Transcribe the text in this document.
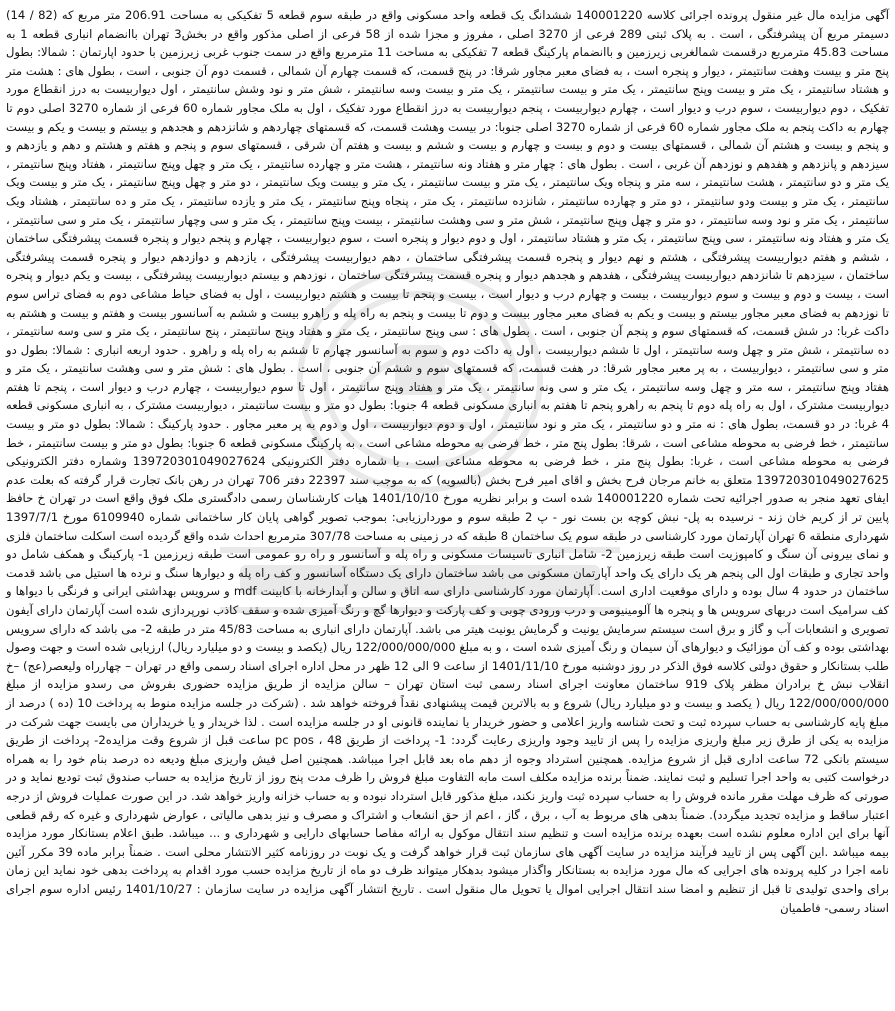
آگهی مزایده مال غیر منقول پرونده اجرائی کلاسه 140001220 ششدانگ یک قطعه واحد مسکونی واقع در طبقه سوم قطعه 5 تفکیکی به مساحت 206.91 متر مربع که (82 / 14) دسیمتر مربع آن پیشرفتگی ، است . به پلاک ثبتی 289 فرعی از 3270 اصلی ، مفروز و مجزا شده از 58 فرعی از اصلی مذکور واقع در بخش3 تهران باانضمام انباری قطعه 1 به مساحت 45.83 مترمربع درقسمت شمالغربی زیرزمین و باانضمام پارکینگ قطعه 7 تفکیکی به مساحت 11 مترمربع واقع در سمت جنوب غربی زیرزمین با حدود اپارتمان : شمالا: بطول پنج متر و بیست وهفت سانتیمتر ، دیوار و پنجره است ، به فضای معبر مجاور شرقا: در پنج قسمت، که قسمت چهارم آن شمالی ، قسمت دوم آن جنوبی ، است ، بطول های : هشت متر و هشتاد سانتیمتر ، یک متر و بیست وپنج سانتیمتر ، یک متر و بیست سانتیمتر ، یک متر و بیست وسه سانتیمتر ، شش متر و نود وشش سانتیمتر ، اول دیواربیست به درز انقطاع مورد تفکیک ، دوم دیواربیست ، سوم درب و دیوار است ، چهارم دیواربیست ، پنجم دیواربیست به درز انقطاع مورد تفکیک ، اول به ملک مجاور شماره 60 فرعی از شماره 3270 اصلی دوم تا چهارم به داکت پنجم به ملک مجاور شماره 60 فرعی از شماره 3270 اصلی جنوبا: در بیست وهشت قسمت، که قسمتهای چهاردهم و شانزدهم و هجدهم و بیستم و بیست و یکم و بیست و پنجم و بیست و هشتم آن شمالی ، قسمتهای بیست و دوم و بیست و چهارم و بیست و ششم و بیست و هفتم آن شرقی ، قسمتهای سوم و پنجم و هفتم و هشتم و دهم و یازدهم و سیزدهم و پانزدهم و هفدهم و نوزدهم آن غربی ، است . بطول های : چهار متر و هفتاد ونه سانتیمتر ، هشت متر و چهارده سانتیمتر ، یک متر و چهل وپنج سانتیمتر ، هفتاد وپنج سانتیمتر ، یک متر و دو سانتیمتر ، هشت سانتیمتر ، سه متر و پنجاه ویک سانتیمتر ، یک متر و بیست سانتیمتر ، یک متر و بیست ویک سانتیمتر ، دو متر و چهل وپنج سانتیمتر ، یک متر و بیست ویک سانتیمتر ، یک متر و بیست ودو سانتیمتر ، دو متر و چهارده سانتیمتر ، شانزده سانتیمتر ، یک متر ، پنجاه وپنج سانتیمتر ، یک متر و یازده سانتیمتر ، یک متر و ده سانتیمتر ، هشتاد ویک سانتیمتر ، یک متر و نود وسه سانتیمتر ، دو متر و چهل وپنج سانتیمتر ، شش متر و سی وهشت سانتیمتر ، بیست وپنج سانتیمتر ، یک متر و سی وچهار سانتیمتر ، یک متر و سی سانتیمتر ، یک متر و هفتاد ونه سانتیمتر ، سی وپنج سانتیمتر ، یک متر و هشتاد سانتیمتر ، اول و دوم دیوار و پنجره است ، سوم دیواربیست ، چهارم و پنجم دیوار و پنجره قسمت پیشرفتگی ساختمان ، ششم و هفتم دیواربیست پیشرفتگی ، هشتم و نهم دیوار و پنجره قسمت پیشرفتگی ساختمان ، دهم دیواربیست پیشرفتگی ، یازدهم و دوازدهم دیوار و پنجره قسمت پیشرفتگی ساختمان ، سیزدهم تا شانزدهم دیواربیست پیشرفتگی ، هفدهم و هجدهم دیوار و پنجره قسمت پیشرفتگی ساختمان ، نوزدهم و بیستم دیواربیست پیشرفتگی ، بیست و یکم دیوار و پنجره است ، بیست و دوم و بیست و سوم دیواربیست ، بیست و چهارم درب و دیوار است ، بیست و پنجم تا بیست و هشتم دیواربیست ، اول به فضای حیاط مشاعی دوم به فضای تراس سوم تا نوزدهم به فضای معبر مجاور بیستم و بیست و یکم به فضای معبر مجاور بیست و دوم تا بیست و پنجم به راه پله و راهرو بیست و ششم به آسانسور بیست و هفتم و بیست و هشتم به داکت غربا: در شش قسمت، که قسمتهای سوم و پنجم آن جنوبی ، است . بطول های : سی وپنج سانتیمتر ، یک متر و هفتاد وپنج سانتیمتر ، پنج سانتیمتر ، یک متر و سی وسه سانتیمتر ، ده سانتیمتر ، شش متر و چهل وسه سانتیمتر ، اول تا ششم دیواربیست ، اول به داکت دوم و سوم به آسانسور چهارم تا ششم به راه پله و راهرو . حدود اربعه انباری : شمالا: بطول دو متر و سی سانتیمتر ، دیواربیست ، به پر معبر مجاور شرقا: در هفت قسمت، که قسمتهای سوم و ششم آن جنوبی ، است . بطول های : شش متر و سی وهشت سانتیمتر ، یک متر و هفتاد وپنج سانتیمتر ، سه متر و چهل وسه سانتیمتر ، یک متر و سی ونه سانتیمتر ، یک متر و هفتاد وپنج سانتیمتر ، اول تا سوم دیواربیست ، چهارم درب و دیوار است ، پنجم تا هفتم دیواربیست مشترک ، اول به راه پله دوم تا پنجم به راهرو پنجم تا هفتم به انباری مسکونی قطعه 4 جنوبا: بطول دو متر و بیست سانتیمتر ، دیواربیست مشترک ، به انباری مسکونی قطعه 4 غربا: در دو قسمت، بطول های : نه متر و دو سانتیمتر ، یک متر و نود سانتیمتر ، اول و دوم دیواربیست ، اول و دوم به پر معبر مجاور . حدود پارکینگ : شمالا: بطول دو متر و بیست سانتیمتر ، خط فرضی به محوطه مشاعی است ، شرقا: بطول پنج متر ، خط فرضی به محوطه مشاعی است ، به پارکینگ مسکونی قطعه 6 جنوبا: بطول دو متر و بیست سانتیمتر ، خط فرضی به محوطه مشاعی است ، غربا: بطول پنج متر ، خط فرضی به محوطه مشاعی است ، با شماره دفتر الکترونیکی 139720301049027624 وشماره دفتر الکترونیکی 139720301049027625 متعلق به خانم مرجان فرح بخش و اقای امیر فرح بخش (بالسویه) که به موجب سند 22397 دفتر 706 تهران در رهن بانک تجارت قرار گرفته که بعلت عدم ایفای تعهد منجر به صدور اجرائیه تحت شماره 140001220 شده است و برابر نظریه مورخ 1401/10/10 هیات کارشناسان رسمی دادگستری ملک فوق واقع است در تهران خ حافظ پایین تر از کریم خان زند - نرسیده به پل- نبش کوچه بن بست نور - پ 2 طبقه سوم و موردارزیابی: بموجب تصویر گواهی پایان کار ساختمانی شماره 6109940 مورخ 1397/7/1 شهرداری منطقه 6 تهران آپارتمان مورد کارشناسی در طبقه سوم یک ساختمان 8 طبقه که در زمینی به مساحت 307/78 مترمربع احداث شده واقع گردیده است اسکلت ساختمان فلزی و نمای بیرونی آن سنگ و کامپوزیت است طبقه زیرزمین 2- شامل انباری تاسیسات مسکونی و راه پله و آسانسور و راه رو عمومی است طبقه زیرزمین 1- پارکینگ و همکف شامل دو واحد تجاری و طبقات اول الی پنجم هر یک دارای یک واحد آپارتمان مسکونی می باشد ساختمان دارای یک دستگاه آسانسور و کف راه پله و دیوارها سنگ و نرده ها استیل می باشد قدمت ساختمان در حدود 4 سال بوده و دارای موقعیت اداری است. آپارتمان مورد کارشناسی دارای سه اتاق و سالن و آبدارخانه با کابینت mdf و سرویس بهداشتی ایرانی و فرنگی با دیواها و کف سرامیک است دربهای سرویس ها و پنجره ها آلومینیومی و درب ورودی چوبی و کف پارکت و دیوارها گچ و رنگ آمیزی شده و سقف کاذب نورپردازی شده است آپارتمان دارای آیفون تصویری و انشعابات آب و گاز و برق است سیستم سرمایش یونیت و گرمایش یونیت هیتر می باشد. آپارتمان دارای انباری به مساحت 45/83 متر در طبقه 2- می باشد که دارای سرویس بهداشتی بوده و کف آن موزائیک و دیوارهای آن سیمان و رنگ آمیزی شده است ، و به مبلغ 122/000/000/000 ریال (یکصد و بیست و دو میلیارد ریال) ارزیابی شده است و جهت وصول طلب بستانکار و حقوق دولتی کلاسه فوق الذکر در روز دوشنبه مورخ 1401/11/10 از ساعت 9 الی 12 ظهر در محل اداره اجرای اسناد رسمی واقع در تهران – چهارراه ولیعصر(عج) –خ انقلاب نبش خ برادران مظفر پلاک 919 ساختمان معاونت اجرای اسناد رسمی ثبت استان تهران – سالن مزایده از طریق مزایده حضوری بفروش می رسدو مزایده از مبلغ 122/000/000/000 ریال ( یکصد و بیست و دو میلیارد ریال) شروع و به بالاترین قیمت پیشنهادی نقداً فروخته خواهد شد . (شرکت در جلسه مزایده منوط به پرداخت 10 (ده ) درصد از مبلغ پایه کارشناسی به حساب سپرده ثبت و تحت شناسه واریز اعلامی و حضور خریدار یا نماینده قانونی او در جلسه مزایده است . لذا خریدار و یا خریداران می بایست جهت شرکت در مزایده به یکی از طرق زیر مبلغ واریزی مزایده را پس از تایید وجود واریزی رعایت گردد: 1- پرداخت از طریق pc pos ، 48 ساعت قبل از شروع وقت مزایده2- پرداخت از طریق سیستم بانکی 72 ساعت اداری قبل از شروع مزایده. همچنین استرداد وجوه از دهم ماه بعد قابل اجرا میباشد. همچنین اصل فیش واریزی مبلغ ودیعه ده درصد بنام خود را به همراه درخواست کتبی به واحد اجرا تسلیم و ثبت نمایند. ضمناً برنده مزایده مکلف است مابه التفاوت مبلغ فروش را ظرف مدت پنج روز از تاریخ مزایده به حساب صندوق ثبت تودیع نماید و در صورتی که ظرف مهلت مقرر مانده فروش را به حساب سپرده ثبت واریز نکند، مبلغ مذکور قابل استرداد نبوده و به حساب خزانه واریز خواهد شد. در این صورت عملیات فروش از درجه اعتبار ساقط و مزایده تجدید میگردد). ضمناً بدهی های مربوط به آب ، برق ، گاز ، اعم از حق انشعاب و اشتراک و مصرف و نیز بدهی مالیاتی ، عوارض شهرداری و غیره که رقم قطعی آنها برای این اداره معلوم نشده است بعهده برنده مزایده است و تنظیم سند انتقال موکول به ارائه مفاصا حسابهای دارایی و شهرداری و ... میباشد. طبق اعلام بستانکار مورد مزایده بیمه میباشد .این آگهی پس از تایید فرآیند مزایده در سایت آگهی های سازمان ثبت قرار خواهد گرفت و یک نوبت در روزنامه کثیر الانتشار محلی است . ضمناً برابر ماده 39 مکرر آئین نامه اجرا در کلیه پرونده های اجرایی که مال مورد مزایده به بستانکار واگذار میشود بدهکار میتواند ظرف دو ماه از تاریخ مزایده حسب مورد اقدام به پرداخت بدهی خود نماید این زمان برای واحدی تولیدی تا قبل از تنظیم و امضا سند انتقال اجرایی اموال یا تحویل مال منقول است . تاریخ انتشار آگهی مزایده در سایت سازمان : 1401/10/27 رئیس اداره سوم اجرای اسناد رسمی- فاطمیان
